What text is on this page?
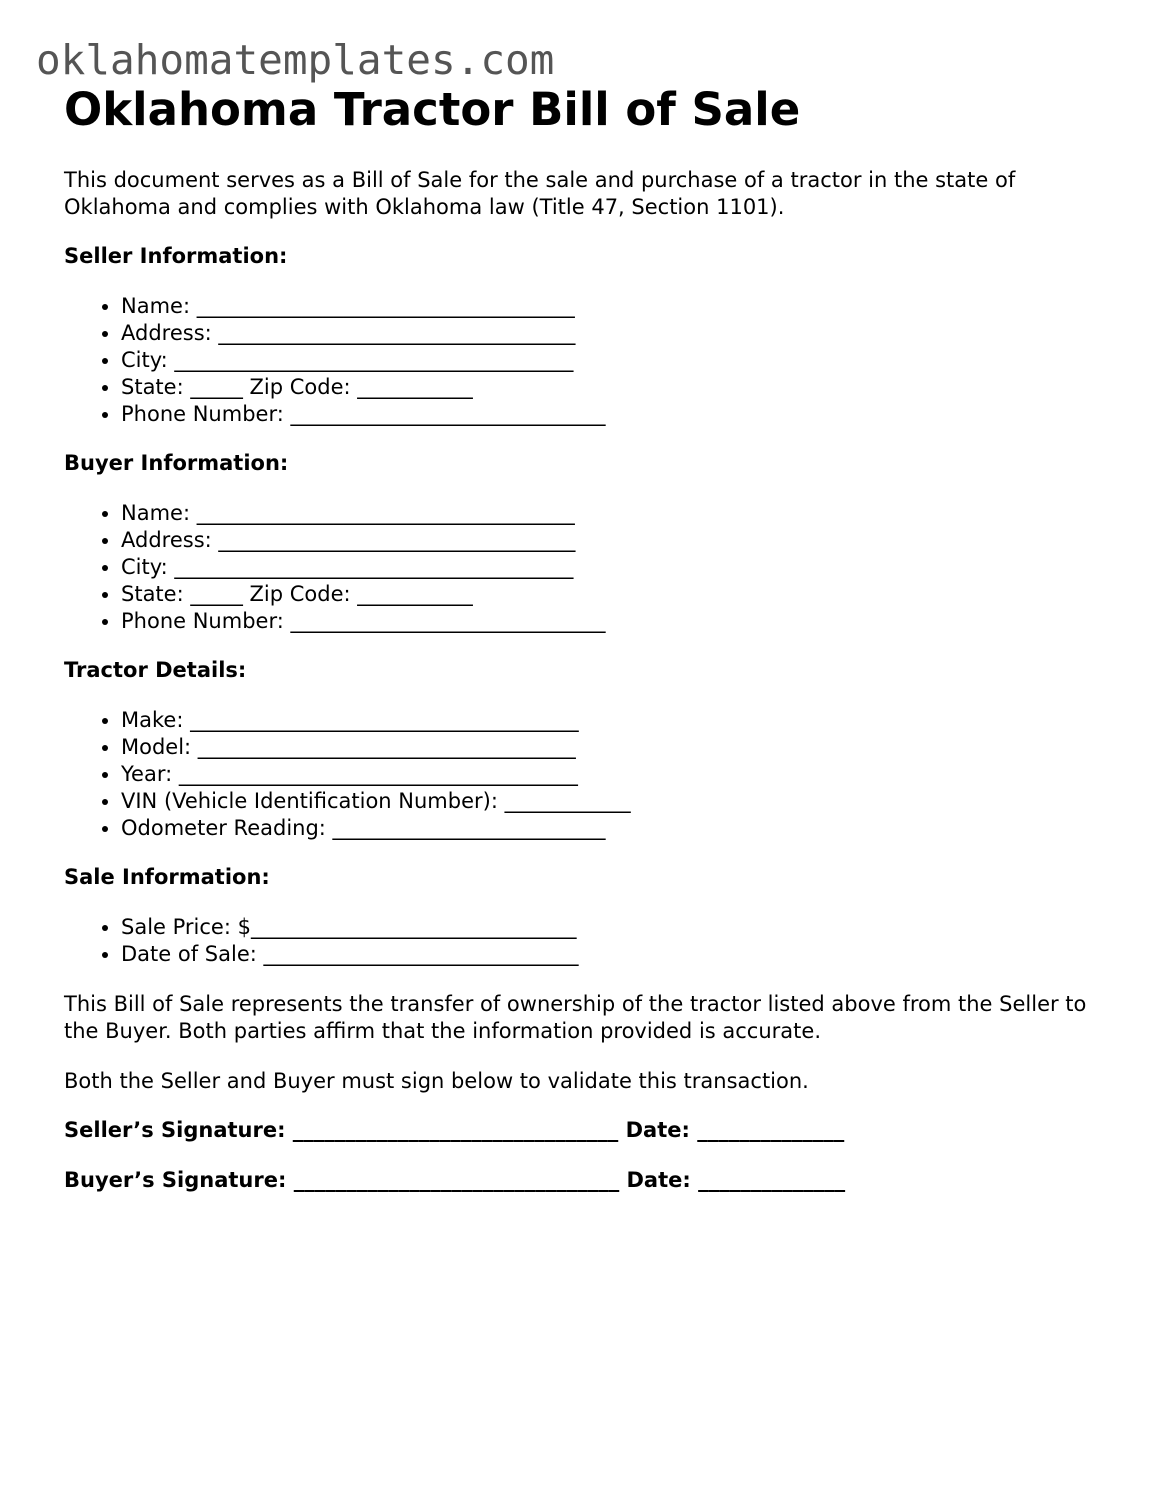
oklahomatemplates.com
Oklahoma Tractor Bill of Sale

This document serves as a Bill of Sale for the sale and purchase of a tractor in the state of Oklahoma and complies with Oklahoma law (Title 47, Section 1101).

Seller Information:

• Name: ____________________________________
• Address: __________________________________
• City: ______________________________________
• State: _____ Zip Code: ___________
• Phone Number: ______________________________

Buyer Information:

• Name: ____________________________________
• Address: __________________________________
• City: ______________________________________
• State: _____ Zip Code: ___________
• Phone Number: ______________________________

Tractor Details:

• Make: _____________________________________
• Model: ____________________________________
• Year: ______________________________________
• VIN (Vehicle Identification Number): ____________
• Odometer Reading: __________________________

Sale Information:

• Sale Price: $_______________________________
• Date of Sale: ______________________________

This Bill of Sale represents the transfer of ownership of the tractor listed above from the Seller to the Buyer. Both parties affirm that the information provided is accurate.

Both the Seller and Buyer must sign below to validate this transaction.

Seller’s Signature: _______________________________ Date: ______________

Buyer’s Signature: _______________________________ Date: ______________
